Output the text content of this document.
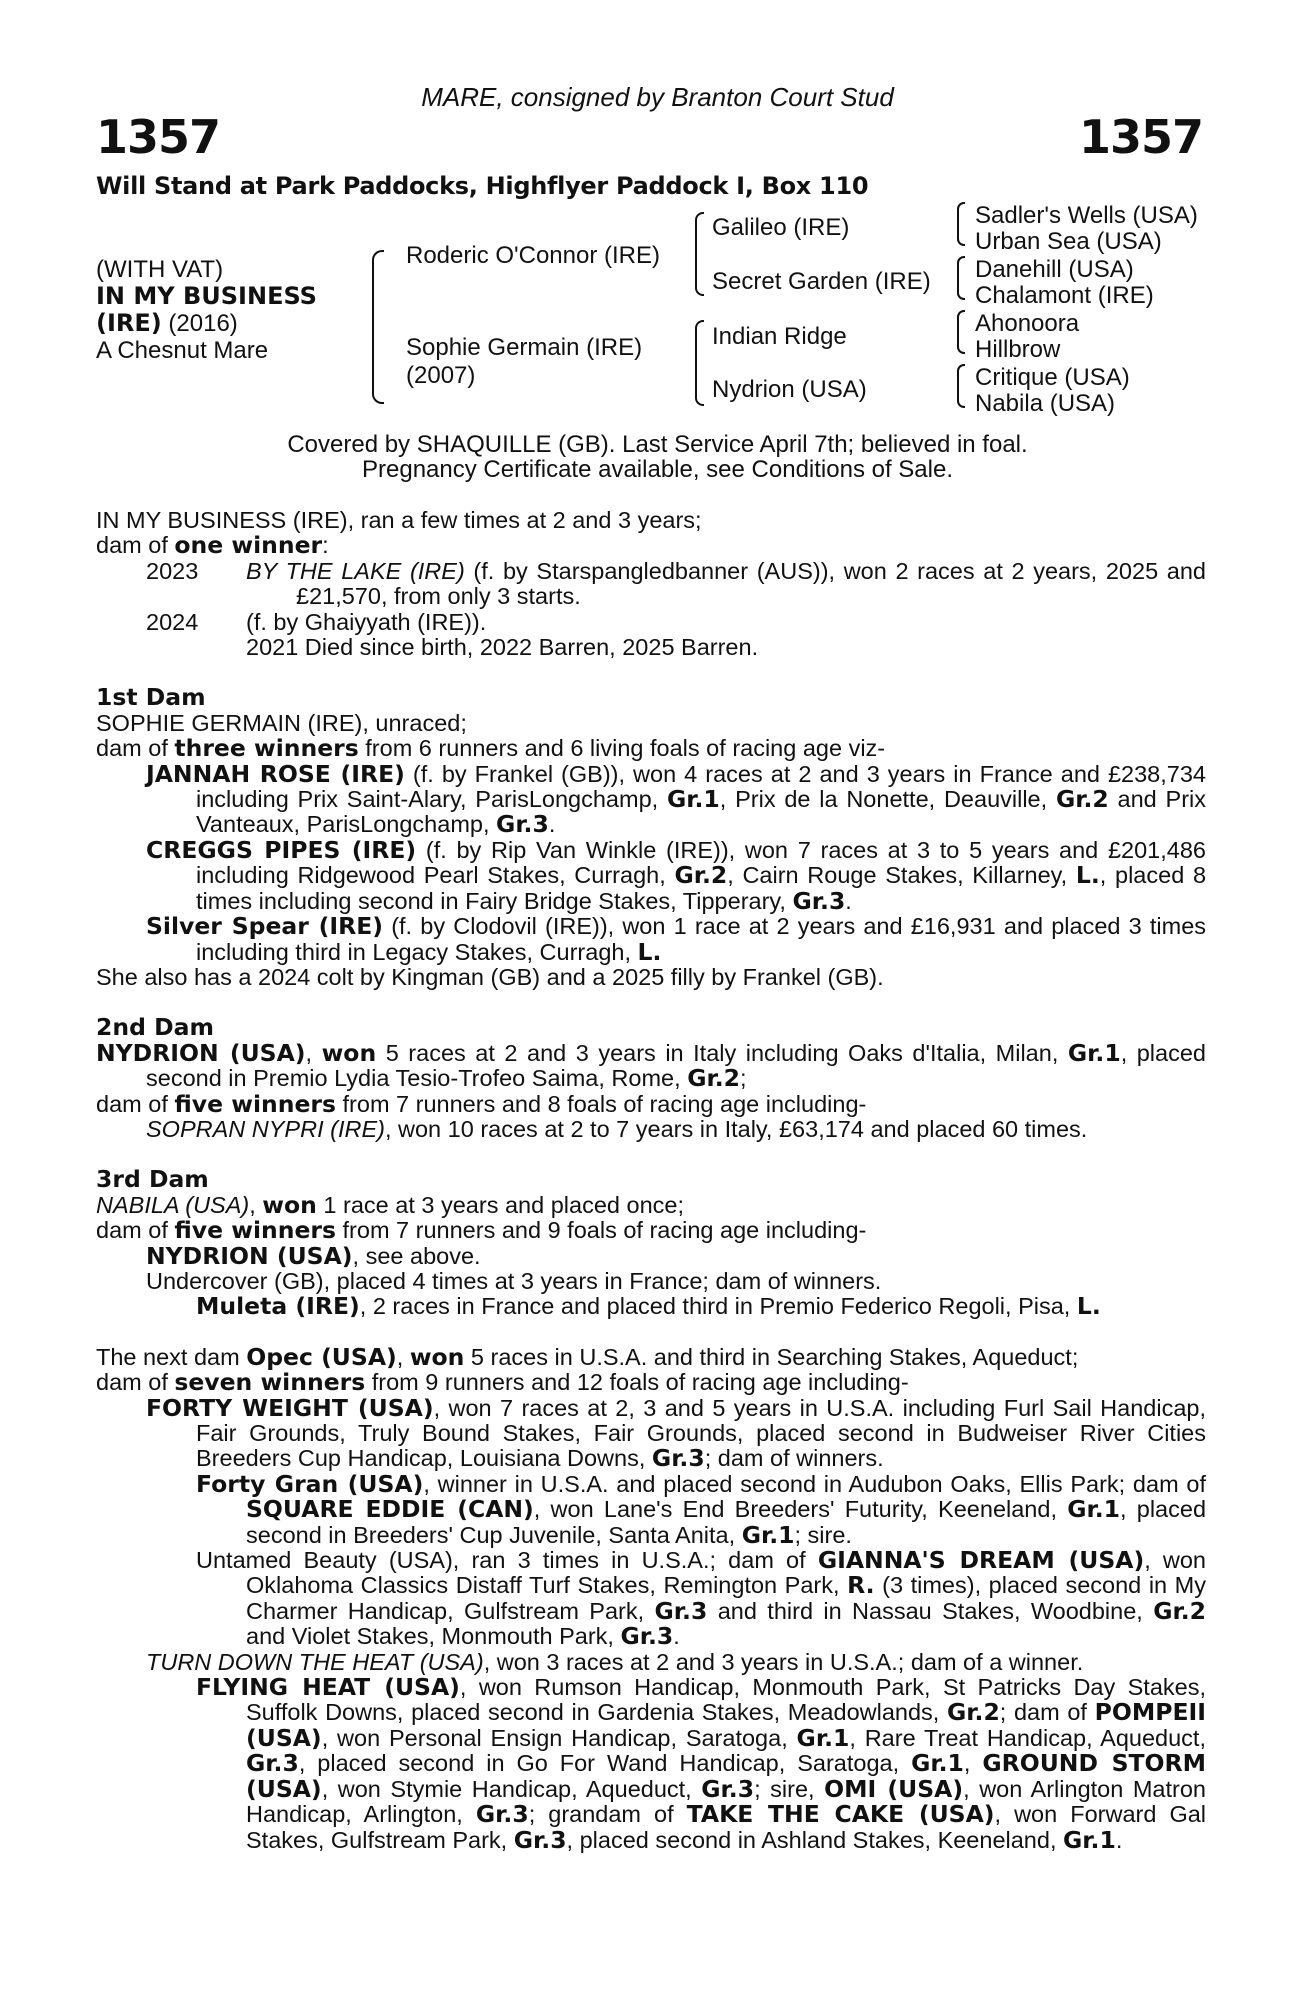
MARE, consigned by Branton Court Stud
1357	1357
Will Stand at Park Paddocks, Highflyer Paddock I, Box 110
(WITH VAT)
IN MY BUSINESS
(IRE) (2016)
A Chesnut Mare
Roderic O'Connor (IRE)
Sophie Germain (IRE)
(2007)
Galileo (IRE)
Secret Garden (IRE)
Indian Ridge
Nydrion (USA)
Sadler's Wells (USA)
Urban Sea (USA)
Danehill (USA)
Chalamont (IRE)
Ahonoora
Hillbrow
Critique (USA)
Nabila (USA)
Covered by SHAQUILLE (GB). Last Service April 7th; believed in foal.
Pregnancy Certificate available, see Conditions of Sale.

IN MY BUSINESS (IRE), ran a few times at 2 and 3 years;

dam of one winner:

2023	BY THE LAKE (IRE) (f. by Starspangledbanner (AUS)), won 2 races at 2 years, 2025 and £21,570, from only 3 starts.
2024	(f. by Ghaiyyath (IRE)).

2021 Died since birth, 2022 Barren, 2025 Barren.

1st Dam

SOPHIE GERMAIN (IRE), unraced;

dam of three winners from 6 runners and 6 living foals of racing age viz-

JANNAH ROSE (IRE) (f. by Frankel (GB)), won 4 races at 2 and 3 years in France and £238,734 including Prix Saint-Alary, ParisLongchamp, Gr.1, Prix de la Nonette, Deauville, Gr.2 and Prix Vanteaux, ParisLongchamp, Gr.3.

CREGGS PIPES (IRE) (f. by Rip Van Winkle (IRE)), won 7 races at 3 to 5 years and £201,486 including Ridgewood Pearl Stakes, Curragh, Gr.2, Cairn Rouge Stakes, Killarney, L., placed 8 times including second in Fairy Bridge Stakes, Tipperary, Gr.3.

Silver Spear (IRE) (f. by Clodovil (IRE)), won 1 race at 2 years and £16,931 and placed 3 times including third in Legacy Stakes, Curragh, L.

She also has a 2024 colt by Kingman (GB) and a 2025 filly by Frankel (GB).

2nd Dam

NYDRION (USA), won 5 races at 2 and 3 years in Italy including Oaks d'Italia, Milan, Gr.1, placed second in Premio Lydia Tesio-Trofeo Saima, Rome, Gr.2;

dam of five winners from 7 runners and 8 foals of racing age including-

SOPRAN NYPRI (IRE), won 10 races at 2 to 7 years in Italy, £63,174 and placed 60 times.

3rd Dam

NABILA (USA), won 1 race at 3 years and placed once;

dam of five winners from 7 runners and 9 foals of racing age including-

NYDRION (USA), see above.

Undercover (GB), placed 4 times at 3 years in France; dam of winners.

Muleta (IRE), 2 races in France and placed third in Premio Federico Regoli, Pisa, L.

The next dam Opec (USA), won 5 races in U.S.A. and third in Searching Stakes, Aqueduct;

dam of seven winners from 9 runners and 12 foals of racing age including-

FORTY WEIGHT (USA), won 7 races at 2, 3 and 5 years in U.S.A. including Furl Sail Handicap, Fair Grounds, Truly Bound Stakes, Fair Grounds, placed second in Budweiser River Cities Breeders Cup Handicap, Louisiana Downs, Gr.3; dam of winners.

Forty Gran (USA), winner in U.S.A. and placed second in Audubon Oaks, Ellis Park; dam of SQUARE EDDIE (CAN), won Lane's End Breeders' Futurity, Keeneland, Gr.1, placed second in Breeders' Cup Juvenile, Santa Anita, Gr.1; sire.

Untamed Beauty (USA), ran 3 times in U.S.A.; dam of GIANNA'S DREAM (USA), won Oklahoma Classics Distaff Turf Stakes, Remington Park, R. (3 times), placed second in My Charmer Handicap, Gulfstream Park, Gr.3 and third in Nassau Stakes, Woodbine, Gr.2 and Violet Stakes, Monmouth Park, Gr.3.

TURN DOWN THE HEAT (USA), won 3 races at 2 and 3 years in U.S.A.; dam of a winner.

FLYING HEAT (USA), won Rumson Handicap, Monmouth Park, St Patricks Day Stakes, Suffolk Downs, placed second in Gardenia Stakes, Meadowlands, Gr.2; dam of POMPEII (USA), won Personal Ensign Handicap, Saratoga, Gr.1, Rare Treat Handicap, Aqueduct, Gr.3, placed second in Go For Wand Handicap, Saratoga, Gr.1, GROUND STORM (USA), won Stymie Handicap, Aqueduct, Gr.3; sire, OMI (USA), won Arlington Matron Handicap, Arlington, Gr.3; grandam of TAKE THE CAKE (USA), won Forward Gal Stakes, Gulfstream Park, Gr.3, placed second in Ashland Stakes, Keeneland, Gr.1.
